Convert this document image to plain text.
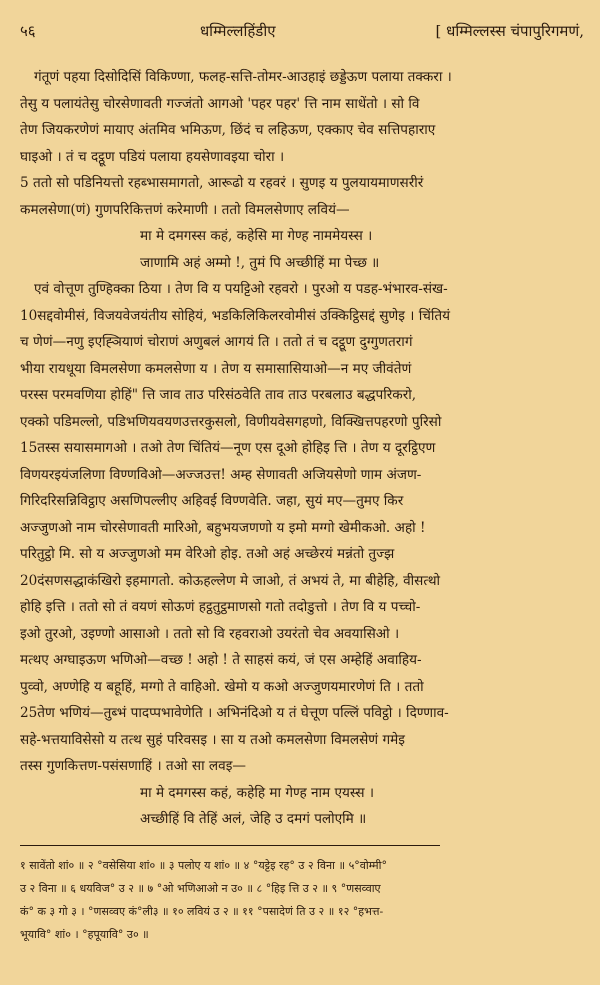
५६	धम्मिल्लहिंडीए	[ धम्मिल्लस्स चंपापुरिगमणं,
गंतूणं पहया दिसोदिसिं विकिण्णा, फलह-सत्ति-तोमर-आउहाइं छड्डेऊण पलाया तक्करा ।
तेसु य पलायंतेसु चोरसेणावती गज्जंतो आगओ 'पहर पहर' त्ति नाम साधेंतो । सो वि
तेण जियकरणेणं मायाए अंतमिव भमिऊण, छिंदं च लहिऊण, एक्काए चेव सत्तिपहाराए
घाइओ । तं च दट्ठूण पडियं पलाया हयसेणावइया चोरा ।
5 ततो सो पडिनियत्तो रहब्भासमागतो, आरूढो य रहवरं । सुणइ य पुलयायमाणसरीरं
कमलसेणा(णं) गुणपरिकित्तणं करेमाणी । ततो विमलसेणाए लवियं—
मा मे दमगस्स कहं, कहेसि मा गेण्ह नाममेयस्स ।
जाणामि अहं अम्मो !, तुमं पि अच्छीहिं मा पेच्छ ॥
एवं वोत्तूण तुण्हिक्का ठिया । तेण वि य पयट्टिओ रहवरो । पुरओ य पडह-भंभारव-संख-
10सद्दवोमीसं, विजयवेजयंतीय सोहियं, भडकिलिकिलरवोमीसं उक्किट्ठिसद्दं सुणेइ । चिंतियं
च णेणं—नणु इएह्ञियाणं चोराणं अणुबलं आगयं ति । ततो तं च दट्ठूण दुग्गुणतरागं
भीया रायधूया विमलसेणा कमलसेणा य । तेण य समासासियाओ—न मए जीवंतेणं
परस्स परमवणिया होहिं" त्ति जाव ताउ परिसंठवेति ताव ताउ परबलाउ बद्धपरिकरो,
एक्को पडिमल्लो, पडिभणियवयणउत्तरकुसलो, विणीयवेसगहणो, विक्खित्तपहरणो पुरिसो
15तस्स सयासमागओ । तओ तेण चिंतियं—नूण एस दूओ होहिइ त्ति । तेण य दूरट्ठिएण
विणयरइयंजलिणा विण्णविओ—अज्जउत्त! अम्ह सेणावती अजियसेणो णाम अंजण-
गिरिदरिसन्निविट्ठाए असणिपल्लीए अहिवई विण्णवेति. जहा, सुयं मए—तुमए किर
अज्जुणओ नाम चोरसेणावती मारिओ, बहुभयजणणो य इमो मग्गो खेमीकओ. अहो !
परितुट्ठो मि. सो य अज्जुणओ मम वेरिओ होइ. तओ अहं अच्छेरयं मन्नंतो तुज्झ
20दंसणसद्धाकंखिरो इहमागतो. कोऊहल्लेण मे जाओ, तं अभयं ते, मा बीहेहि, वीसत्थो
होहि इत्ति । ततो सो तं वयणं सोऊणं हट्ठतुट्ठमाणसो गतो तदोडुत्तो । तेण वि य पच्चो-
इओ तुरओ, उइण्णो आसाओ । ततो सो वि रहवराओ उयरंतो चेव अवयासिओ ।
मत्थए अग्घाइऊण भणिओ—वच्छ ! अहो ! ते साहसं कयं, जं एस अम्हेहिं अवाहिय-
पुव्वो, अण्णेहि य बहूहिं, मग्गो ते वाहिओ. खेमो य कओ अज्जुणयमारणेणं ति । ततो
25तेण भणियं—तुब्भं पादप्पभावेणेति । अभिनंदिओ य तं घेत्तूण पल्लिं पविट्ठो । दिण्णाव-
सहे-भत्तयाविसेसो य तत्थ सुहं परिवसइ । सा य तओ कमलसेणा विमलसेणं गमेइ
तस्स गुणकित्तण-पसंसणाहिं । तओ सा लवइ—
मा मे दमगस्स कहं, कहेहि मा गेण्ह नाम एयस्स ।
अच्छीहिं वि तेहिं अलं, जेहि उ दमगं पलोएमि ॥
१ सावेंतो शां० ॥ २ °वसेसिया शां० ॥ ३ पलोए य शां० ॥ ४ °यट्टेइ रह° उ २ विना ॥ ५°वोम्मी°
उ २ विना ॥ ६ धयविज° उ २ ॥ ७ °ओ भणिआओ न उ० ॥ ८ °हिइ त्ति उ २ ॥ ९ °णसव्वाए
कं° क ३ गो ३ । °णसव्वए कं°ली३ ॥ १० लवियं उ २ ॥ ११ °पसादेणं ति उ २ ॥ १२ °हभत्त-
भूयावि° शां० । °हपूयावि° उ० ॥
